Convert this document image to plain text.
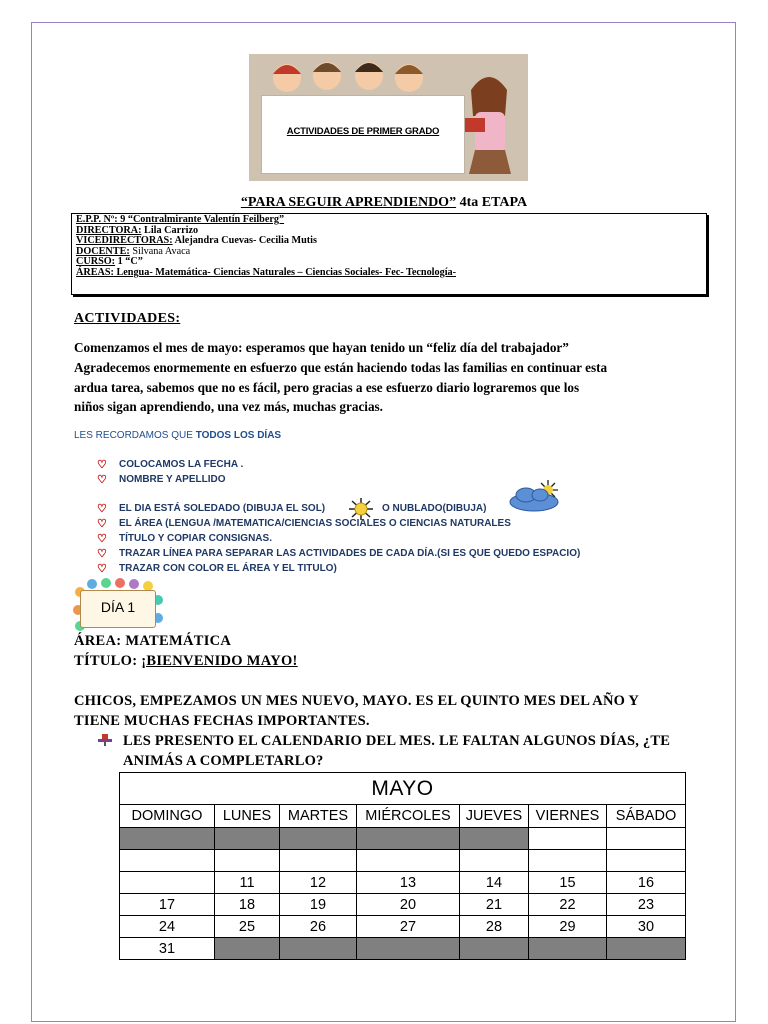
ACTIVIDADES DE PRIMER GRADO
“PARA SEGUIR APRENDIENDO” 4ta ETAPA
E.P.P. Nº: 9 “Contralmirante Valentín Feilberg”
DIRECTORA: Lila Carrizo
VICEDIRECTORAS: Alejandra Cuevas- Cecilia Mutis
DOCENTE: Silvana Avaca
CURSO: 1 “C”
ÁREAS: Lengua- Matemática- Ciencias Naturales – Ciencias Sociales- Fec- Tecnología-
ACTIVIDADES:
Comenzamos el mes de mayo: esperamos que hayan tenido un “feliz día del trabajador”
Agradecemos enormemente en esfuerzo que están haciendo todas las familias en continuar esta
ardua tarea, sabemos que no es fácil, pero gracias a ese esfuerzo diario lograremos que los
niños sigan aprendiendo, una vez más, muchas gracias.
LES RECORDAMOS QUE TODOS LOS DÍAS
♡ COLOCAMOS LA FECHA .
♡ NOMBRE Y APELLIDO
♡ EL DIA ESTÁ SOLEDADO (DIBUJA EL SOL)	O NUBLADO(DIBUJA)
♡ EL ÁREA (LENGUA /MATEMATICA/CIENCIAS SOCIALES O CIENCIAS NATURALES
♡ TÍTULO Y COPIAR CONSIGNAS.
♡ TRAZAR LÍNEA PARA SEPARAR LAS ACTIVIDADES DE CADA DÍA.(SI ES QUE QUEDO ESPACIO)
♡ TRAZAR CON COLOR EL ÁREA Y EL TITULO)
DÍA 1
ÁREA: MATEMÁTICA
TÍTULO: ¡BIENVENIDO MAYO!
CHICOS, EMPEZAMOS UN MES NUEVO, MAYO. ES EL QUINTO MES DEL AÑO Y
TIENE MUCHAS FECHAS IMPORTANTES.
LES PRESENTO EL CALENDARIO DEL MES. LE FALTAN ALGUNOS DÍAS, ¿TE
ANIMÁS A COMPLETARLO?
MAYO						
DOMINGO	LUNES	MARTES	MIÉRCOLES	JUEVES	VIERNES	SÁBADO

	11	12	13	14	15	16
17	18	19	20	21	22	23
24	25	26	27	28	29	30
31						
